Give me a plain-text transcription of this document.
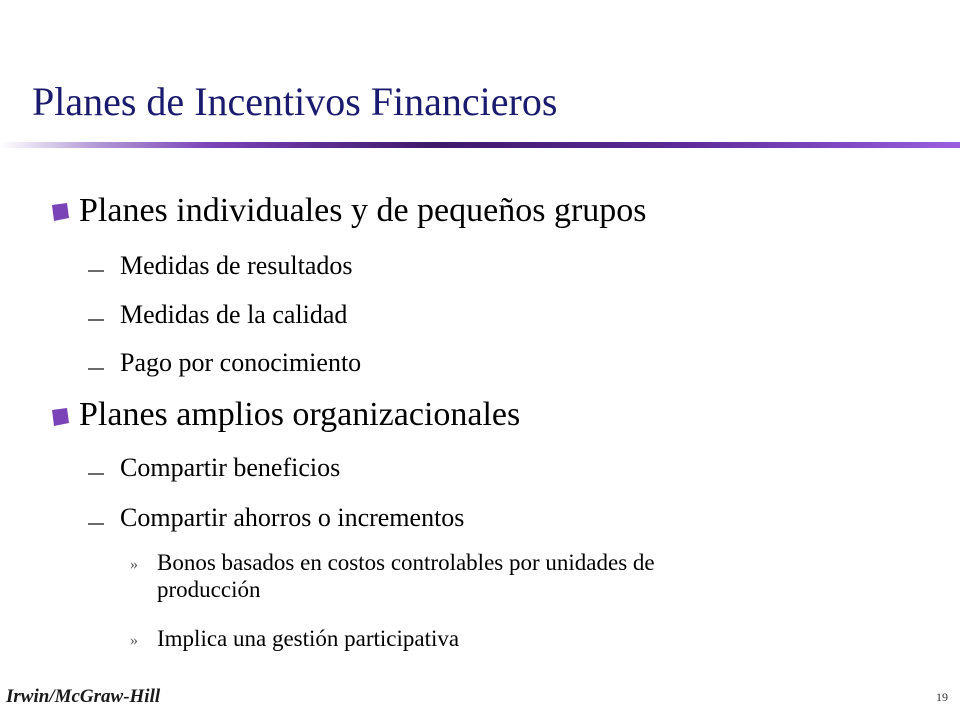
Planes de Incentivos Financieros
Planes individuales y de pequeños grupos
Medidas de resultados
Medidas de la calidad
Pago por conocimiento
Planes amplios organizacionales
Compartir beneficios
Compartir ahorros o incrementos
» Bonos basados en costos controlables por unidades de
producción
» Implica una gestión participativa
Irwin/McGraw-Hill	19
